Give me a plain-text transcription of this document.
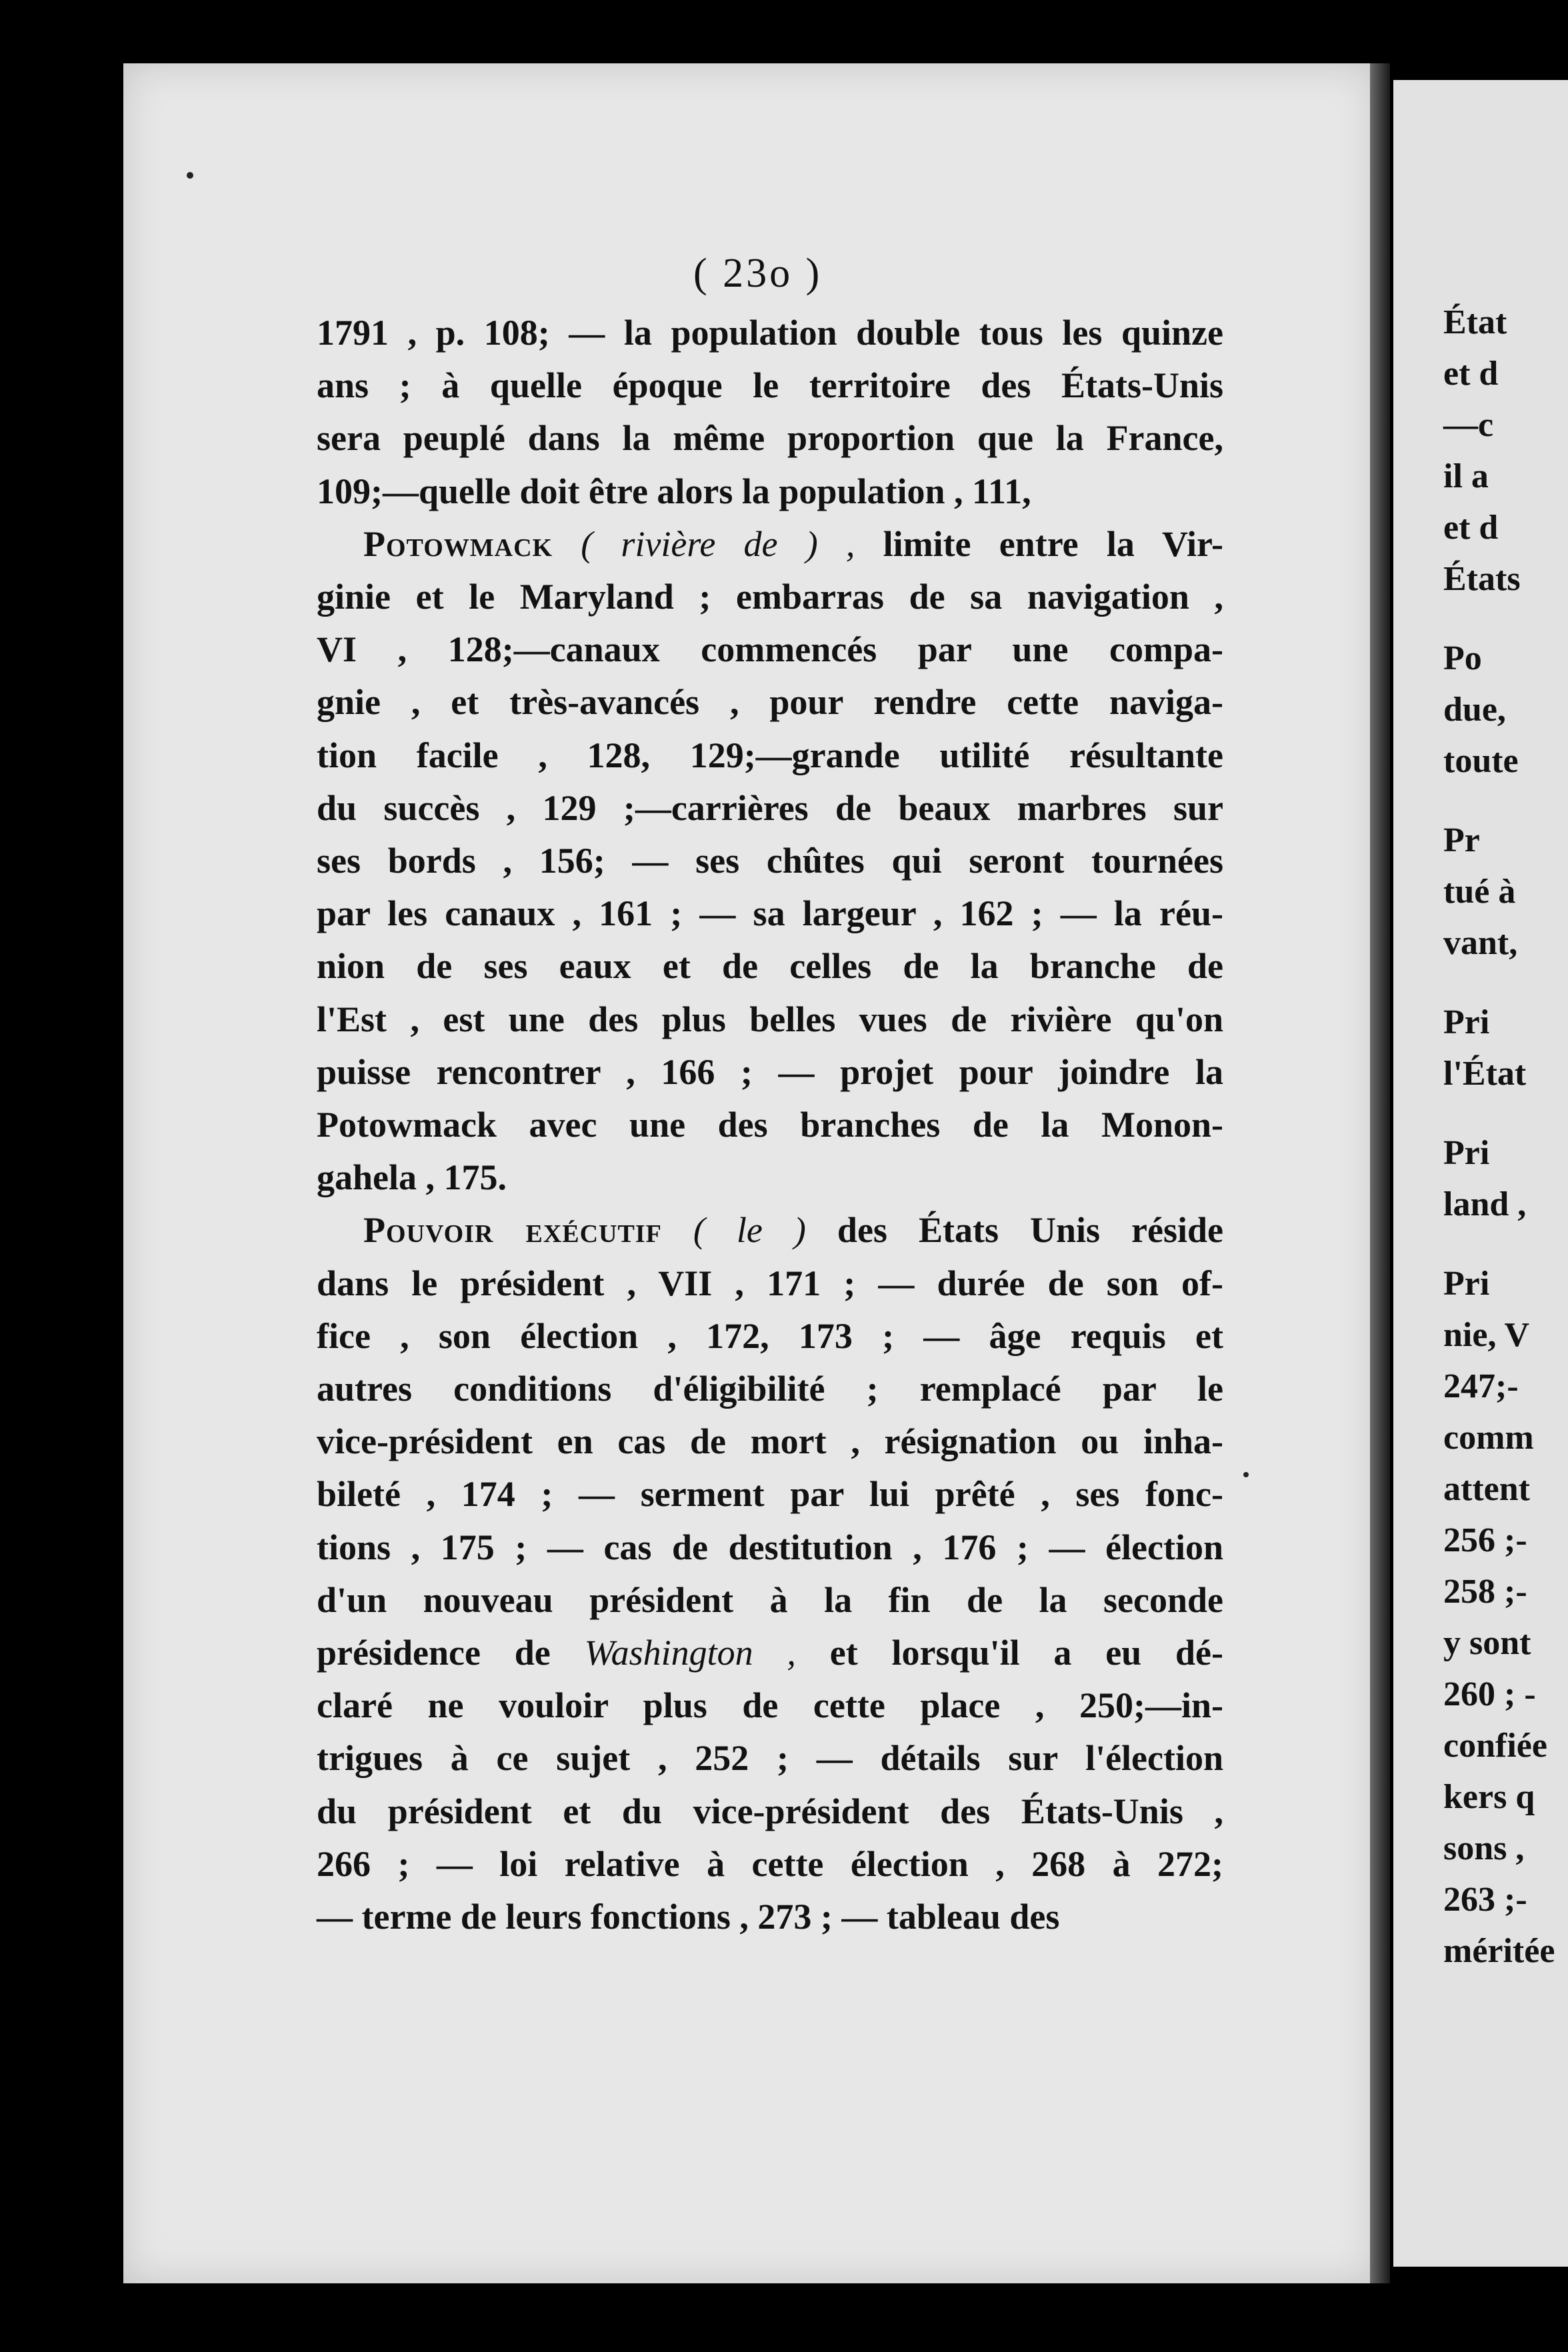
( 23o )
1791 , p. 108; — la population double tous les quinze
ans ; à quelle époque le territoire des États-Unis
sera peuplé dans la même proportion que la France,
109;—quelle doit être alors la population , 111,
Potowmack ( rivière de ) , limite entre la Vir-
ginie et le Maryland ; embarras de sa navigation ,
VI , 128;—canaux commencés par une compa-
gnie , et très-avancés , pour rendre cette naviga-
tion facile , 128, 129;—grande utilité résultante
du succès , 129 ;—carrières de beaux marbres sur
ses bords , 156; — ses chûtes qui seront tournées
par les canaux , 161 ; — sa largeur , 162 ; — la réu-
nion de ses eaux et de celles de la branche de
l'Est , est une des plus belles vues de rivière qu'on
puisse rencontrer , 166 ; — projet pour joindre la
Potowmack avec une des branches de la Monon-
gahela , 175.
Pouvoir exécutif ( le ) des États Unis réside
dans le président , VII , 171 ; — durée de son of-
fice , son élection , 172, 173 ; — âge requis et
autres conditions d'éligibilité ; remplacé par le
vice-président en cas de mort , résignation ou inha-
bileté , 174 ; — serment par lui prêté , ses fonc-
tions , 175 ; — cas de destitution , 176 ; — élection
d'un nouveau président à la fin de la seconde
présidence de Washington , et lorsqu'il a eu dé-
claré ne vouloir plus de cette place , 250;—in-
trigues à ce sujet , 252 ; — détails sur l'élection
du président et du vice-président des États-Unis ,
266 ; — loi relative à cette élection , 268 à 272;
— terme de leurs fonctions , 273 ; — tableau des
État
et d
—c
il a
et d
États
Po
due,
toute
Pr
tué à
vant,
Pri
l'État
Pri
land ,
Pri
nie, V
247;-
comm
attent
256 ;-
258 ;-
y sont
260 ; -
confiée
kers q
sons ,
263 ;-
méritée
